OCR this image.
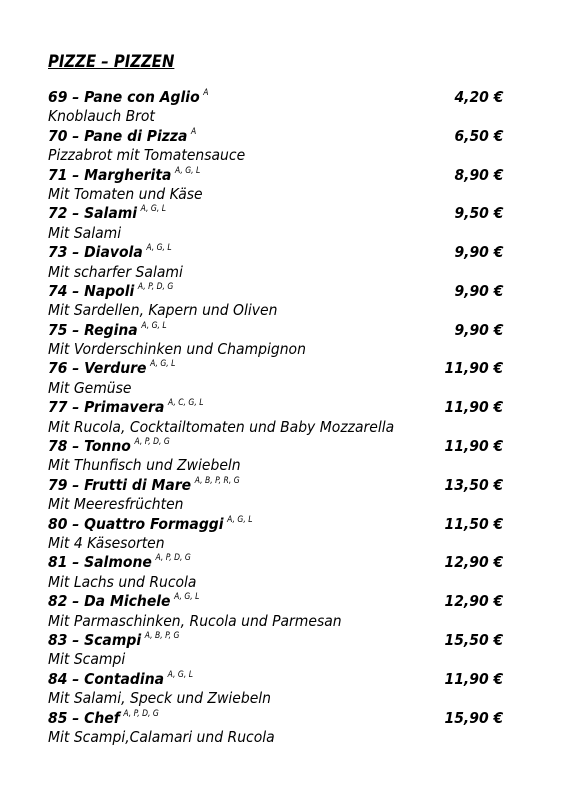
PIZZE – PIZZEN
69 – Pane con Aglio $^A$	4,20 €
Knoblauch Brot
70 – Pane di Pizza $^A$	6,50 €
Pizzabrot mit Tomatensauce
71 – Margherita $^{A, G, L}$	8,90 €
Mit Tomaten und Käse
72 – Salami $^{A, G, L}$	9,50 €
Mit Salami
73 – Diavola $^{A, G, L}$	9,90 €
Mit scharfer Salami
74 – Napoli $^{A, P, D, G}$	9,90 €
Mit Sardellen, Kapern und Oliven
75 – Regina $^{A, G, L}$	9,90 €
Mit Vorderschinken und Champignon
76 – Verdure $^{A, G, L}$	11,90 €
Mit Gemüse
77 – Primavera $^{A, C, G, L}$	11,90 €
Mit Rucola, Cocktailtomaten und Baby Mozzarella
78 – Tonno $^{A, P, D, G}$	11,90 €
Mit Thunfisch und Zwiebeln
79 – Frutti di Mare $^{A, B, P, R, G}$	13,50 €
Mit Meeresfrüchten
80 – Quattro Formaggi $^{A, G, L}$	11,50 €
Mit 4 Käsesorten
81 – Salmone $^{A, P, D, G}$	12,90 €
Mit Lachs und Rucola
82 – Da Michele $^{A, G, L}$	12,90 €
Mit Parmaschinken, Rucola und Parmesan
83 – Scampi $^{A, B, P, G}$	15,50 €
Mit Scampi
84 – Contadina $^{A, G, L}$	11,90 €
Mit Salami, Speck und Zwiebeln
85 – Chef $^{A, P, D, G}$	15,90 €
Mit Scampi,Calamari und Rucola
